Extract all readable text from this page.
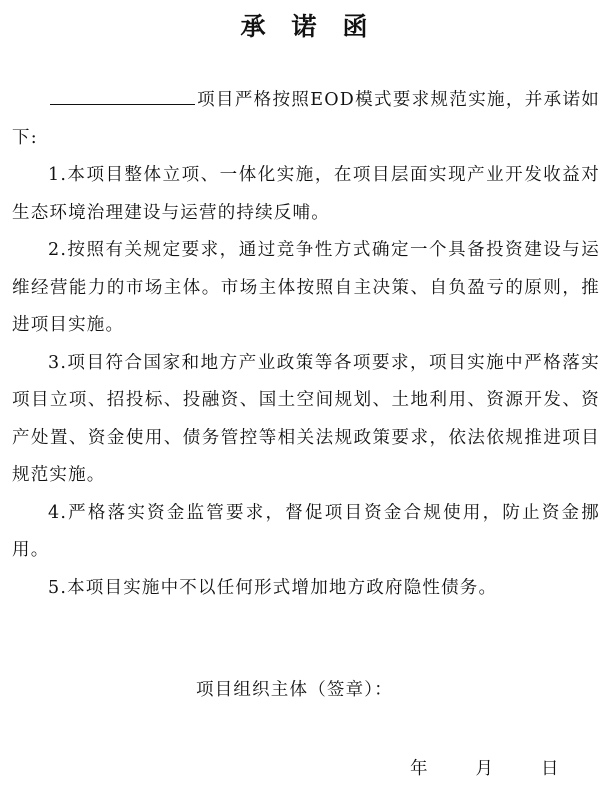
承诺函

项目严格按照EOD模式要求规范实施，并承诺如下:

1.本项目整体立项、一体化实施，在项目层面实现产业开发收益对生态环境治理建设与运营的持续反哺。

2.按照有关规定要求，通过竞争性方式确定一个具备投资建设与运维经营能力的市场主体。市场主体按照自主决策、自负盈亏的原则，推进项目实施。

3.项目符合国家和地方产业政策等各项要求，项目实施中严格落实项目立项、招投标、投融资、国土空间规划、土地利用、资源开发、资产处置、资金使用、债务管控等相关法规政策要求，依法依规推进项目规范实施。

4.严格落实资金监管要求，督促项目资金合规使用，防止资金挪用。

5.本项目实施中不以任何形式增加地方政府隐性债务。

项目组织主体（签章）：
年	月	日
